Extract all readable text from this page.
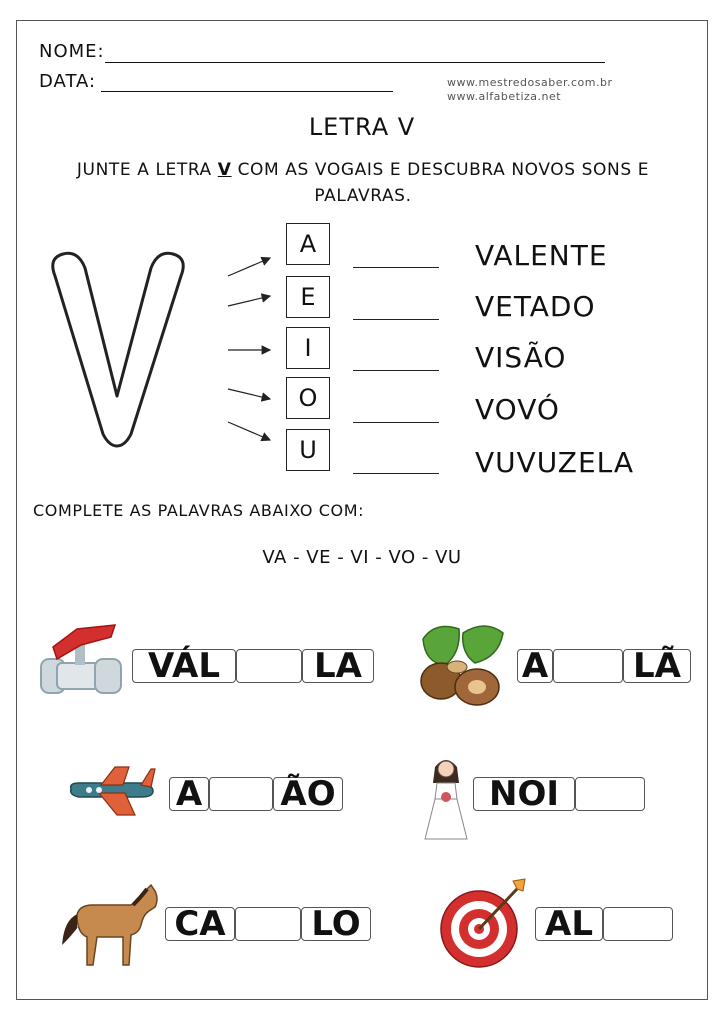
NOME:
DATA:	www.mestredosaber.com.br
www.alfabetiza.net
LETRA V
JUNTE A LETRA V COM AS VOGAIS E DESCUBRA NOVOS SONS E
PALAVRAS.
A
E
I
O
U
VALENTE
VETADO
VISÃO
VOVÓ
VUVUZELA
COMPLETE AS PALAVRAS ABAIXO COM:
VA - VE - VI - VO - VU
VÁL	LA	A LÃ
A ÃO	NOI
CA	LO	AL
